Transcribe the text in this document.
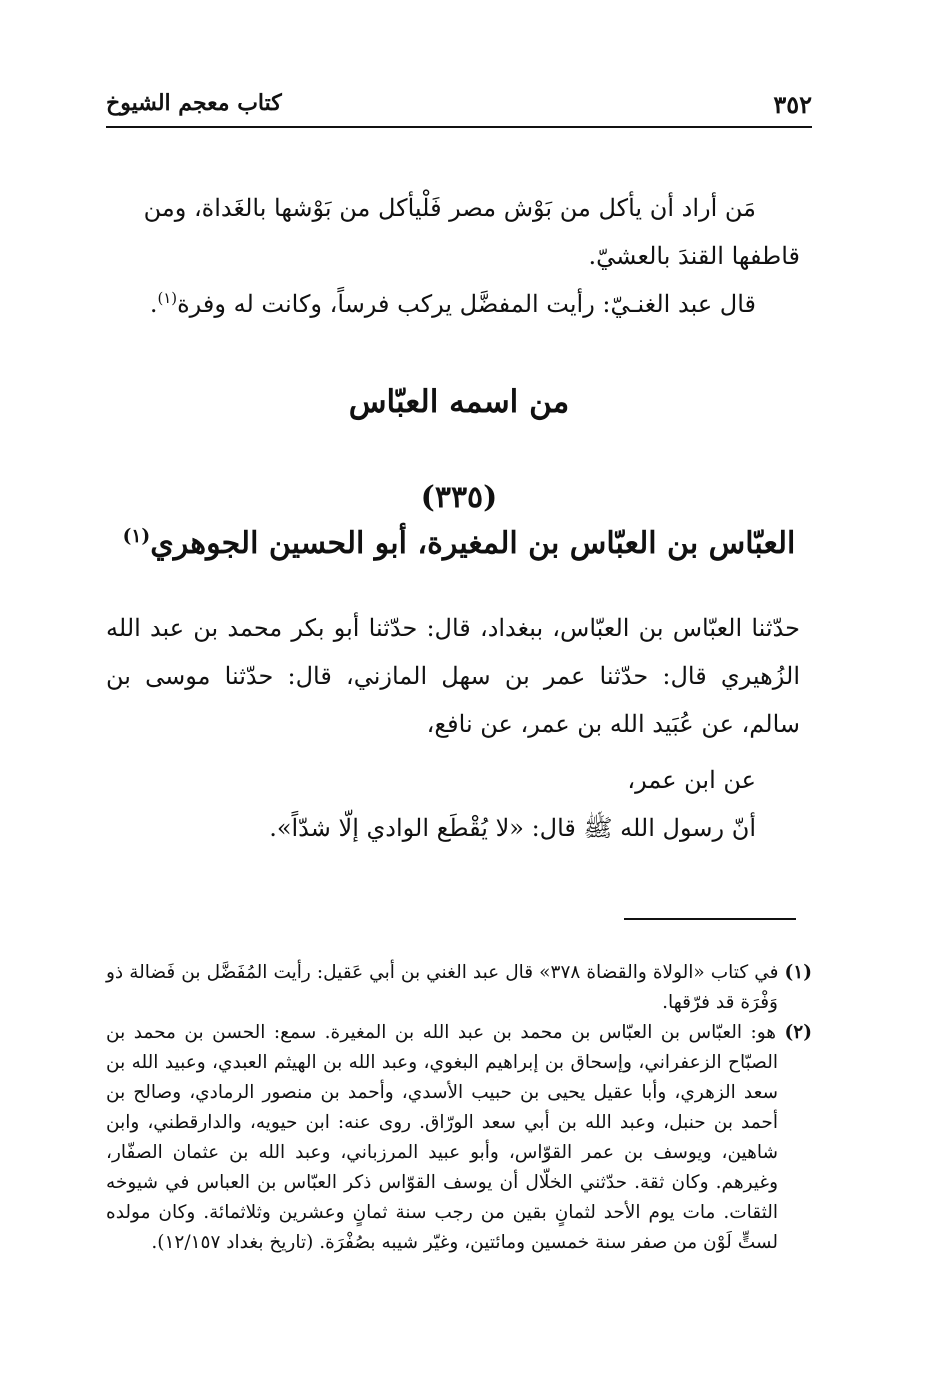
٣٥٢
كتاب معجم الشيوخ
مَن أراد أن يأكل من بَوْش مصر فَلْيأكل من بَوْشها بالغَداة، ومن
قاطفها القندَ بالعشيّ.
قال عبد الغنـيّ: رأيت المفضَّل يركب فرساً، وكانت له وفرة$^{(١)}$.
من اسمه العبّاس
(٣٣٥)
العبّاس بن العبّاس بن المغيرة، أبو الحسين الجوهري$^{(١)}$
حدّثنا العبّاس بن العبّاس، ببغداد، قال: حدّثنا أبو بكر محمد بن عبد الله الزُهيري قال: حدّثنا عمر بن سهل المازني، قال: حدّثنا موسى بن سالم، عن عُبَيد الله بن عمر، عن نافع،
عن ابن عمر،
أنّ رسول الله ﷺ قال: «لا يُقْطَع الوادي إلّا شدّاً».
(١) في كتاب «الولاة والقضاة ٣٧٨» قال عبد الغني بن أبي عَقيل: رأيت المُفَضَّل بن فَضالة ذو وَفْرَة قد فرّقها.
(٢) هو: العبّاس بن العبّاس بن محمد بن عبد الله بن المغيرة. سمع: الحسن بن محمد بن الصبّاح الزعفراني، وإسحاق بن إبراهيم البغوي، وعبد الله بن الهيثم العبدي، وعبيد الله بن سعد الزهري، وأبا عقيل يحيى بن حبيب الأسدي، وأحمد بن منصور الرمادي، وصالح بن أحمد بن حنبل، وعبد الله بن أبي سعد الورّاق. روى عنه: ابن حيويه، والدارقطني، وابن شاهين، ويوسف بن عمر القوّاس، وأبو عبيد المرزباني، وعبد الله بن عثمان الصفّار، وغيرهم. وكان ثقة. حدّثني الخلّال أن يوسف القوّاس ذكر العبّاس بن العباس في شيوخه الثقات. مات يوم الأحد لثمانٍ بقين من رجب سنة ثمانٍ وعشرين وثلاثمائة. وكان مولده لستٍّ لَوْن من صفر سنة خمسين ومائتين، وغيّر شيبه بصُفْرَة. (تاريخ بغداد ١٢/١٥٧).
